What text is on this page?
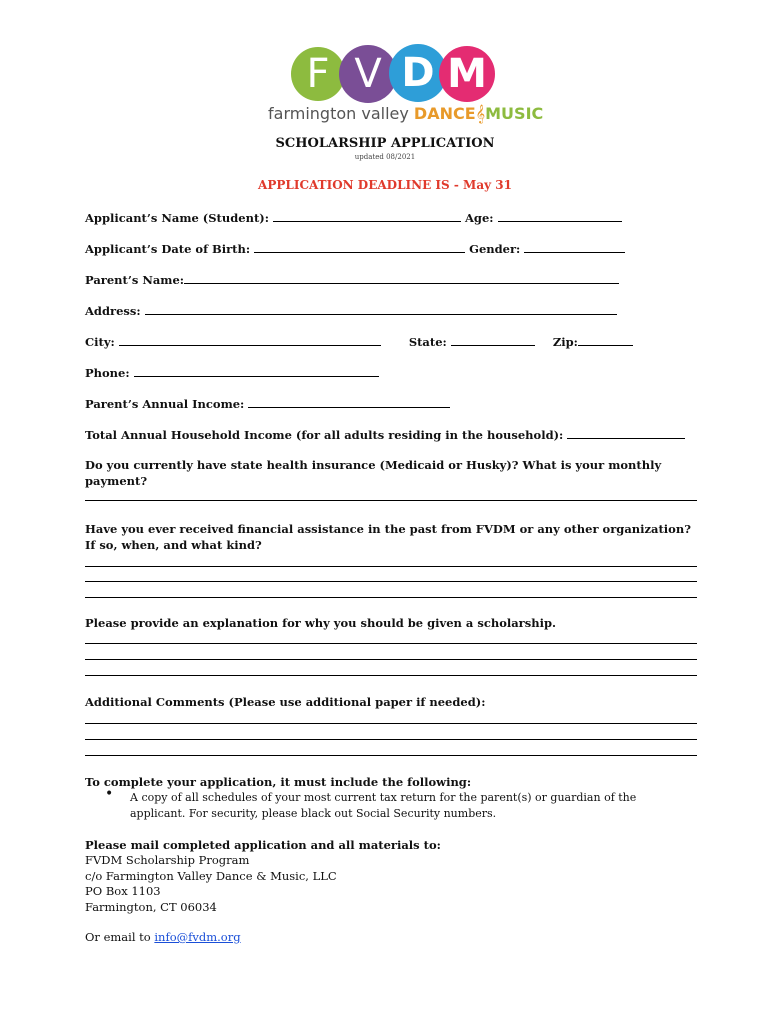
F V D M
farmington valley DANCE𝄞MUSIC
SCHOLARSHIP APPLICATION
updated 08/2021
APPLICATION DEADLINE IS - May 31
Applicant’s Name (Student):	Age:
Applicant’s Date of Birth:	Gender:
Parent’s Name:
Address:
City:	State:	Zip:
Phone:
Parent’s Annual Income:
Total Annual Household Income (for all adults residing in the household):
Do you currently have state health insurance (Medicaid or Husky)? What is your monthly payment?
Have you ever received financial assistance in the past from FVDM or any other organization? If so, when, and what kind?
Please provide an explanation for why you should be given a scholarship.
Additional Comments (Please use additional paper if needed):
To complete your application, it must include the following:
• A copy of all schedules of your most current tax return for the parent(s) or guardian of the applicant. For security, please black out Social Security numbers.
Please mail completed application and all materials to:
FVDM Scholarship Program
c/o Farmington Valley Dance & Music, LLC
PO Box 1103
Farmington, CT 06034
Or email to info@fvdm.org
